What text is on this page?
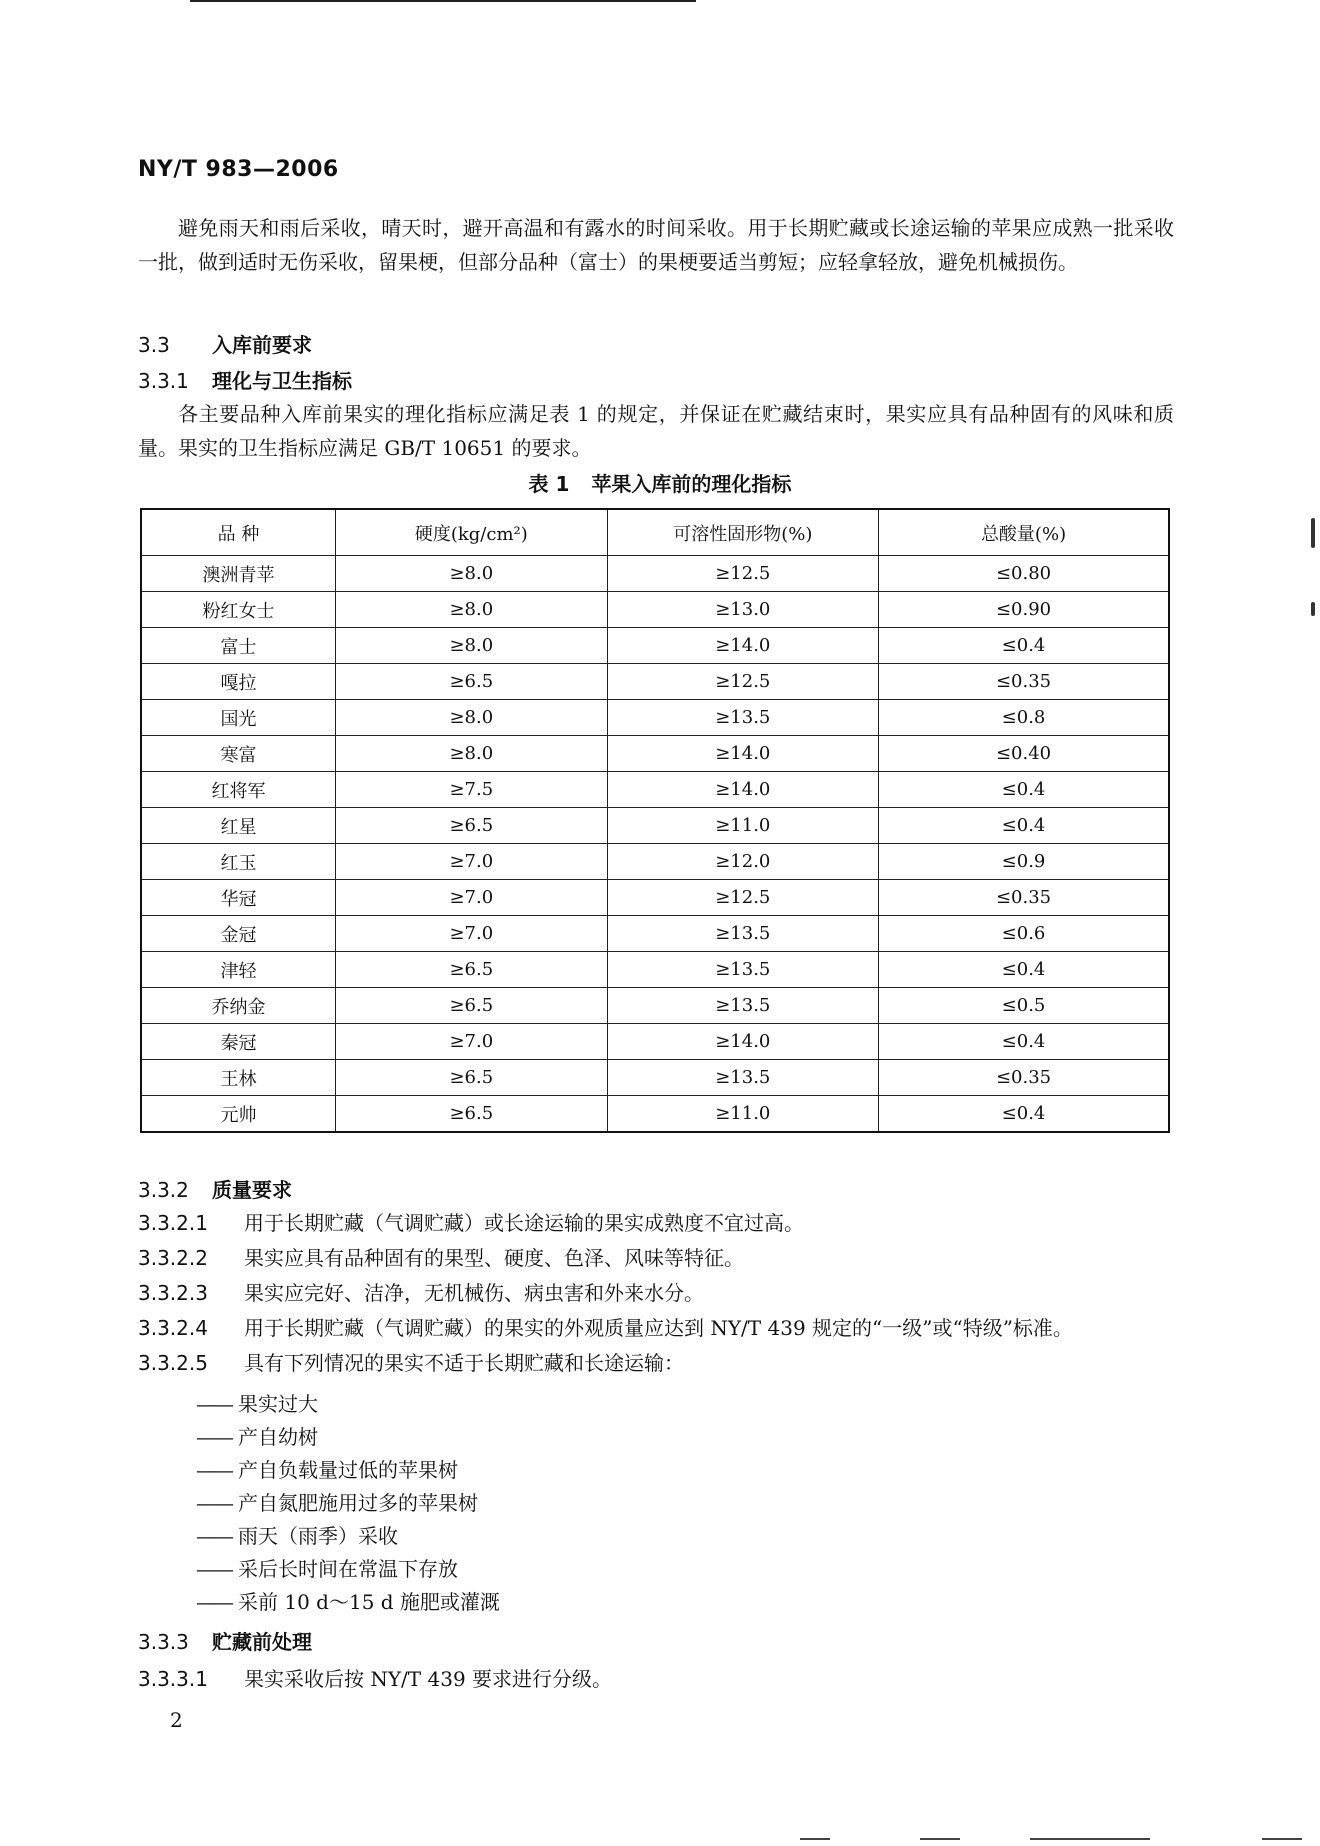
NY/T 983—2006
避免雨天和雨后采收，晴天时，避开高温和有露水的时间采收。用于长期贮藏或长途运输的苹果应成熟一批采收一批，做到适时无伤采收，留果梗，但部分品种（富士）的果梗要适当剪短；应轻拿轻放，避免机械损伤。
3.3 入库前要求
3.3.1 理化与卫生指标
各主要品种入库前果实的理化指标应满足表 1 的规定，并保证在贮藏结束时，果实应具有品种固有的风味和质量。果实的卫生指标应满足 GB/T 10651 的要求。
表 1 苹果入库前的理化指标
品 种	硬度(kg/cm²)	可溶性固形物(%)	总酸量(%)
澳洲青苹	≥8.0	≥12.5	≤0.80
粉红女士	≥8.0	≥13.0	≤0.90
富士	≥8.0	≥14.0	≤0.4
嘎拉	≥6.5	≥12.5	≤0.35
国光	≥8.0	≥13.5	≤0.8
寒富	≥8.0	≥14.0	≤0.40
红将军	≥7.5	≥14.0	≤0.4
红星	≥6.5	≥11.0	≤0.4
红玉	≥7.0	≥12.0	≤0.9
华冠	≥7.0	≥12.5	≤0.35
金冠	≥7.0	≥13.5	≤0.6
津轻	≥6.5	≥13.5	≤0.4
乔纳金	≥6.5	≥13.5	≤0.5
秦冠	≥7.0	≥14.0	≤0.4
王林	≥6.5	≥13.5	≤0.35
元帅	≥6.5	≥11.0	≤0.4
3.3.2 质量要求
3.3.2.1 用于长期贮藏（气调贮藏）或长途运输的果实成熟度不宜过高。
3.3.2.2 果实应具有品种固有的果型、硬度、色泽、风味等特征。
3.3.2.3 果实应完好、洁净，无机械伤、病虫害和外来水分。
3.3.2.4 用于长期贮藏（气调贮藏）的果实的外观质量应达到 NY/T 439 规定的“一级”或“特级”标准。
3.3.2.5 具有下列情况的果实不适于长期贮藏和长途运输：
—— 果实过大
—— 产自幼树
—— 产自负载量过低的苹果树
—— 产自氮肥施用过多的苹果树
—— 雨天（雨季）采收
—— 采后长时间在常温下存放
—— 采前 10 d～15 d 施肥或灌溉
3.3.3 贮藏前处理
3.3.3.1 果实采收后按 NY/T 439 要求进行分级。
2
